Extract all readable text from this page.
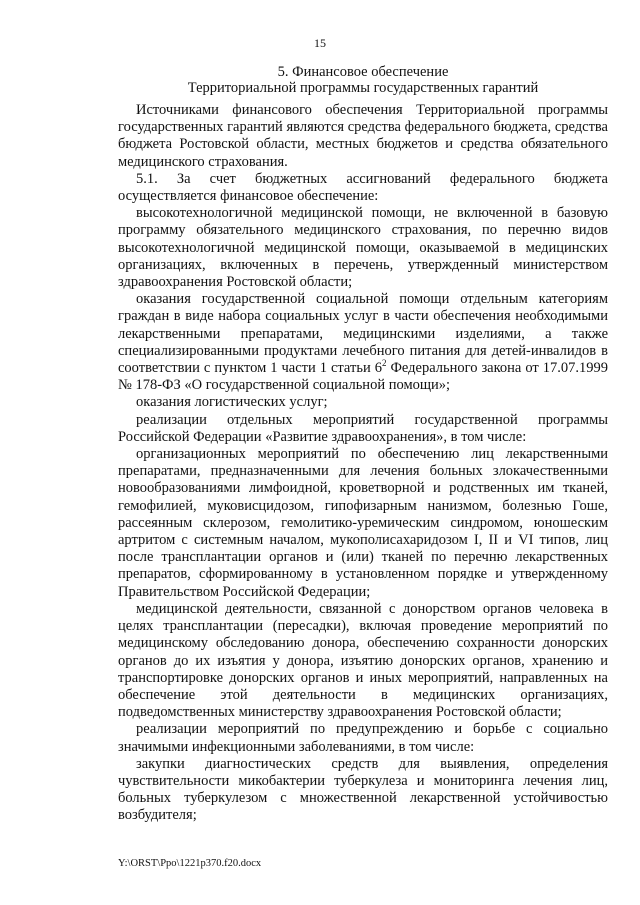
15
5. Финансовое обеспечение
Территориальной программы государственных гарантий

Источниками финансового обеспечения Территориальной программы государственных гарантий являются средства федерального бюджета, средства бюджета Ростовской области, местных бюджетов и средства обязательного медицинского страхования.

5.1. За счет бюджетных ассигнований федерального бюджета осуществляется финансовое обеспечение:

высокотехнологичной медицинской помощи, не включенной в базовую программу обязательного медицинского страхования, по перечню видов высокотехнологичной медицинской помощи, оказываемой в медицинских организациях, включенных в перечень, утвержденный министерством здравоохранения Ростовской области;

оказания государственной социальной помощи отдельным категориям граждан в виде набора социальных услуг в части обеспечения необходимыми лекарственными препаратами, медицинскими изделиями, а также специализированными продуктами лечебного питания для детей-инвалидов в соответствии с пунктом 1 части 1 статьи $6^2$ Федерального закона от 17.07.1999 № 178-ФЗ «О государственной социальной помощи»;

оказания логистических услуг;

реализации отдельных мероприятий государственной программы Российской Федерации «Развитие здравоохранения», в том числе:

организационных мероприятий по обеспечению лиц лекарственными препаратами, предназначенными для лечения больных злокачественными новообразованиями лимфоидной, кроветворной и родственных им тканей, гемофилией, муковисцидозом, гипофизарным нанизмом, болезнью Гоше, рассеянным склерозом, гемолитико-уремическим синдромом, юношеским артритом с системным началом, мукополисахаридозом I, II и VI типов, лиц после трансплантации органов и (или) тканей по перечню лекарственных препаратов, сформированному в установленном порядке и утвержденному Правительством Российской Федерации;

медицинской деятельности, связанной с донорством органов человека в целях трансплантации (пересадки), включая проведение мероприятий по медицинскому обследованию донора, обеспечению сохранности донорских органов до их изъятия у донора, изъятию донорских органов, хранению и транспортировке донорских органов и иных мероприятий, направленных на обеспечение этой деятельности в медицинских организациях, подведомственных министерству здравоохранения Ростовской области;

реализации мероприятий по предупреждению и борьбе с социально значимыми инфекционными заболеваниями, в том числе:

закупки диагностических средств для выявления, определения чувствительности микобактерии туберкулеза и мониторинга лечения лиц, больных туберкулезом с множественной лекарственной устойчивостью возбудителя;

Y:\ORST\Ppo\1221p370.f20.docx
